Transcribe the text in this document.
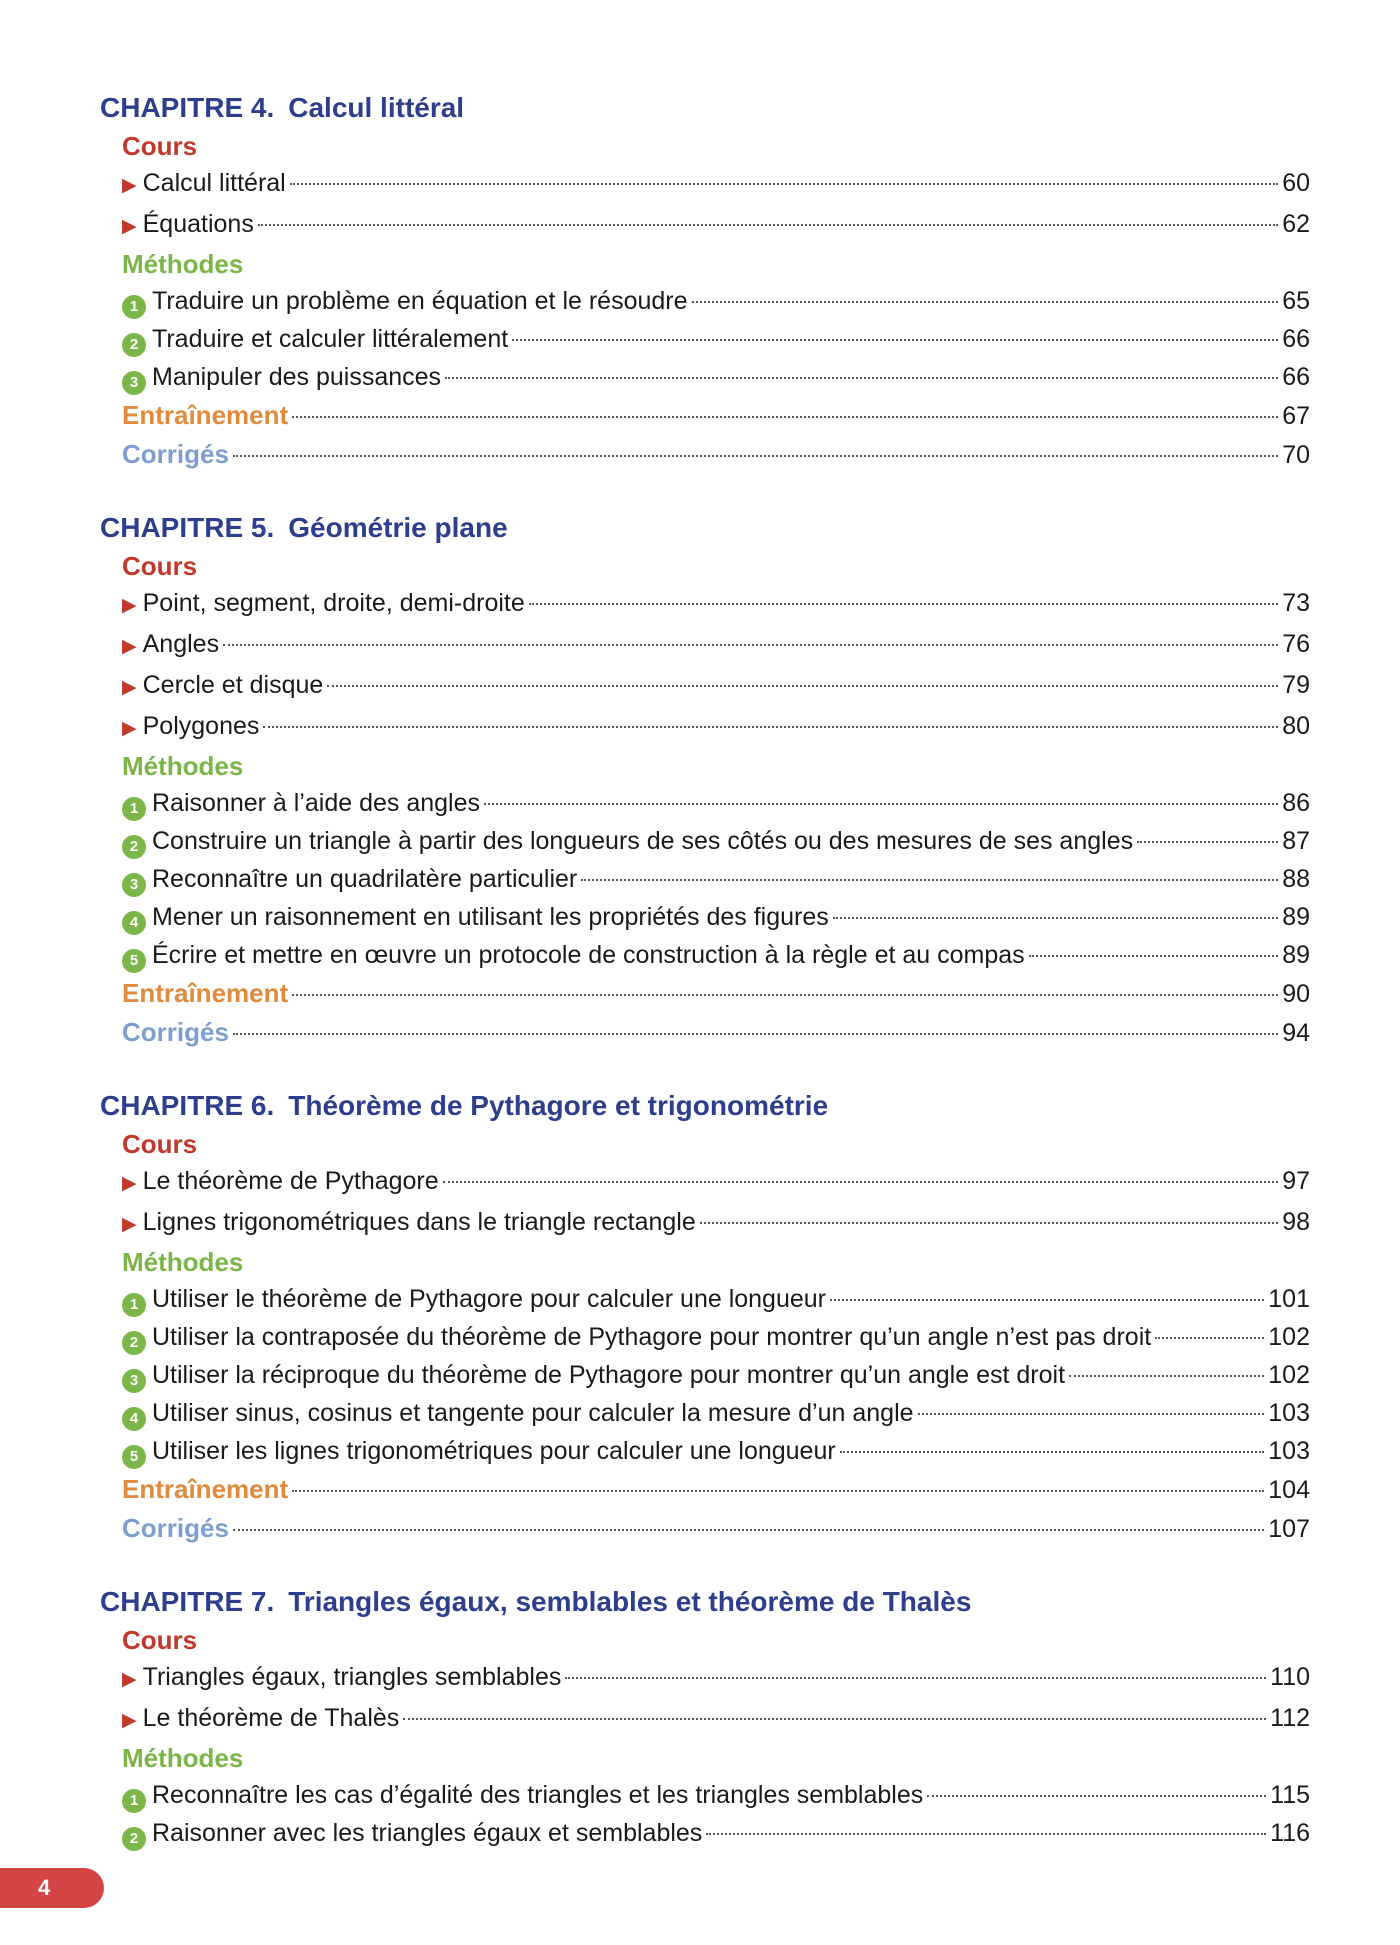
CHAPITRE 4. Calcul littéral
Cours
▶ Calcul littéral	60
▶ Équations	62
Méthodes
1 Traduire un problème en équation et le résoudre	65
2 Traduire et calculer littéralement	66
3 Manipuler des puissances	66
Entraînement	67
Corrigés	70
CHAPITRE 5. Géométrie plane
Cours
▶ Point, segment, droite, demi-droite	73
▶ Angles	76
▶ Cercle et disque	79
▶ Polygones	80
Méthodes
1 Raisonner à l’aide des angles	86
2 Construire un triangle à partir des longueurs de ses côtés ou des mesures de ses angles	87
3 Reconnaître un quadrilatère particulier	88
4 Mener un raisonnement en utilisant les propriétés des figures	89
5 Écrire et mettre en œuvre un protocole de construction à la règle et au compas	89
Entraînement	90
Corrigés	94
CHAPITRE 6. Théorème de Pythagore et trigonométrie
Cours
▶ Le théorème de Pythagore	97
▶ Lignes trigonométriques dans le triangle rectangle	98
Méthodes
1 Utiliser le théorème de Pythagore pour calculer une longueur	101
2 Utiliser la contraposée du théorème de Pythagore pour montrer qu’un angle n’est pas droit	102
3 Utiliser la réciproque du théorème de Pythagore pour montrer qu’un angle est droit	102
4 Utiliser sinus, cosinus et tangente pour calculer la mesure d’un angle	103
5 Utiliser les lignes trigonométriques pour calculer une longueur	103
Entraînement	104
Corrigés	107
CHAPITRE 7. Triangles égaux, semblables et théorème de Thalès
Cours
▶ Triangles égaux, triangles semblables	110
▶ Le théorème de Thalès	112
Méthodes
1 Reconnaître les cas d’égalité des triangles et les triangles semblables	115
2 Raisonner avec les triangles égaux et semblables	116
4
